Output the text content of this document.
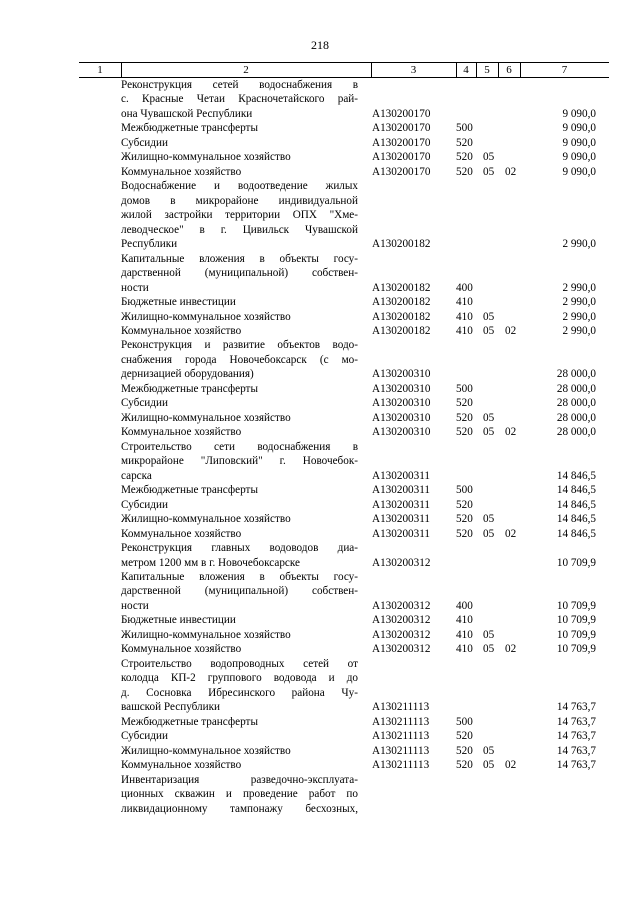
218
1	2	3	4	5	6	7
Реконструкция сетей водоснабжения в
с. Красные Четаи Красночетайского рай-
она Чувашской Республики	А130200170	9 090,0
Межбюджетные трансферты	А130200170 500	9 090,0
Субсидии	А130200170 520	9 090,0
Жилищно-коммунальное хозяйство	А130200170 520 05	9 090,0
Коммунальное хозяйство	А130200170 520 05 02	9 090,0
Водоснабжение и водоотведение жилых
домов в микрорайоне индивидуальной
жилой застройки территории ОПХ "Хме-
леводческое" в г. Цивильск Чувашской
Республики	А130200182	2 990,0
Капитальные вложения в объекты госу-
дарственной (муниципальной) собствен-
ности	А130200182 400	2 990,0
Бюджетные инвестиции	А130200182 410	2 990,0
Жилищно-коммунальное хозяйство	А130200182 410 05	2 990,0
Коммунальное хозяйство	А130200182 410 05 02	2 990,0
Реконструкция и развитие объектов водо-
снабжения города Новочебоксарск (с мо-
дернизацией оборудования)	А130200310	28 000,0
Межбюджетные трансферты	А130200310 500	28 000,0
Субсидии	А130200310 520	28 000,0
Жилищно-коммунальное хозяйство	А130200310 520 05	28 000,0
Коммунальное хозяйство	А130200310 520 05 02	28 000,0
Строительство сети водоснабжения в
микрорайоне "Липовский" г. Новочебок-
сарска	А130200311	14 846,5
Межбюджетные трансферты	А130200311 500	14 846,5
Субсидии	А130200311 520	14 846,5
Жилищно-коммунальное хозяйство	А130200311 520 05	14 846,5
Коммунальное хозяйство	А130200311 520 05 02	14 846,5
Реконструкция главных водоводов диа-
метром 1200 мм в г. Новочебоксарске	А130200312	10 709,9
Капитальные вложения в объекты госу-
дарственной (муниципальной) собствен-
ности	А130200312 400	10 709,9
Бюджетные инвестиции	А130200312 410	10 709,9
Жилищно-коммунальное хозяйство	А130200312 410 05	10 709,9
Коммунальное хозяйство	А130200312 410 05 02	10 709,9
Строительство водопроводных сетей от
колодца КП-2 группового водовода и до
д. Сосновка Ибресинского района Чу-
вашской Республики	А130211113	14 763,7
Межбюджетные трансферты	А130211113 500	14 763,7
Субсидии	А130211113 520	14 763,7
Жилищно-коммунальное хозяйство	А130211113 520 05	14 763,7
Коммунальное хозяйство	А130211113 520 05 02	14 763,7
Инвентаризация разведочно-эксплуата-
ционных скважин и проведение работ по
ликвидационному тампонажу бесхозных,
